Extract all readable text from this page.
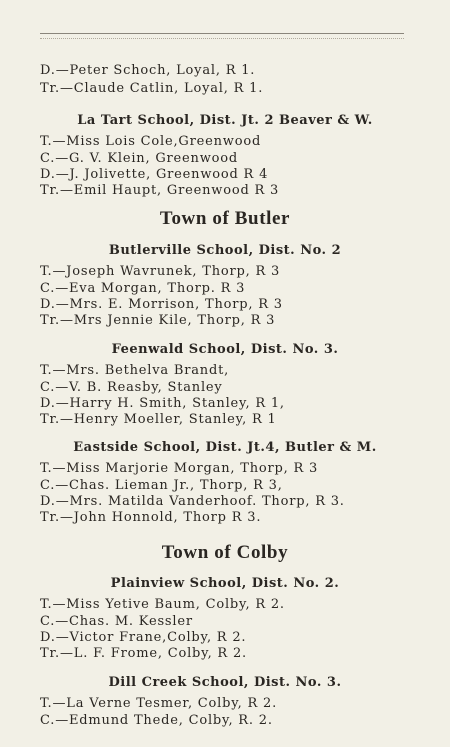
D.—Peter Schoch, Loyal, R 1.
Tr.—Claude Catlin, Loyal, R 1.
La Tart School, Dist. Jt. 2 Beaver & W.
T.—Miss Lois Cole,Greenwood
C.—G. V. Klein, Greenwood
D.—J. Jolivette, Greenwood R 4
Tr.—Emil Haupt, Greenwood R 3
Town of Butler
Butlerville School, Dist. No. 2
T.—Joseph Wavrunek, Thorp, R 3
C.—Eva Morgan, Thorp. R 3
D.—Mrs. E. Morrison, Thorp, R 3
Tr.—Mrs Jennie Kile, Thorp, R 3
Feenwald School, Dist. No. 3.
T.—Mrs. Bethelva Brandt,
C.—V. B. Reasby, Stanley
D.—Harry H. Smith, Stanley, R 1,
Tr.—Henry Moeller, Stanley, R 1
Eastside School, Dist. Jt.4, Butler & M.
T.—Miss Marjorie Morgan, Thorp, R 3
C.—Chas. Lieman Jr., Thorp, R 3,
D.—Mrs. Matilda Vanderhoof. Thorp, R 3.
Tr.—John Honnold, Thorp R 3.
Town of Colby
Plainview School, Dist. No. 2.
T.—Miss Yetive Baum, Colby, R 2.
C.—Chas. M. Kessler
D.—Victor Frane,Colby, R 2.
Tr.—L. F. Frome, Colby, R 2.
Dill Creek School, Dist. No. 3.
T.—La Verne Tesmer, Colby, R 2.
C.—Edmund Thede, Colby, R. 2.
